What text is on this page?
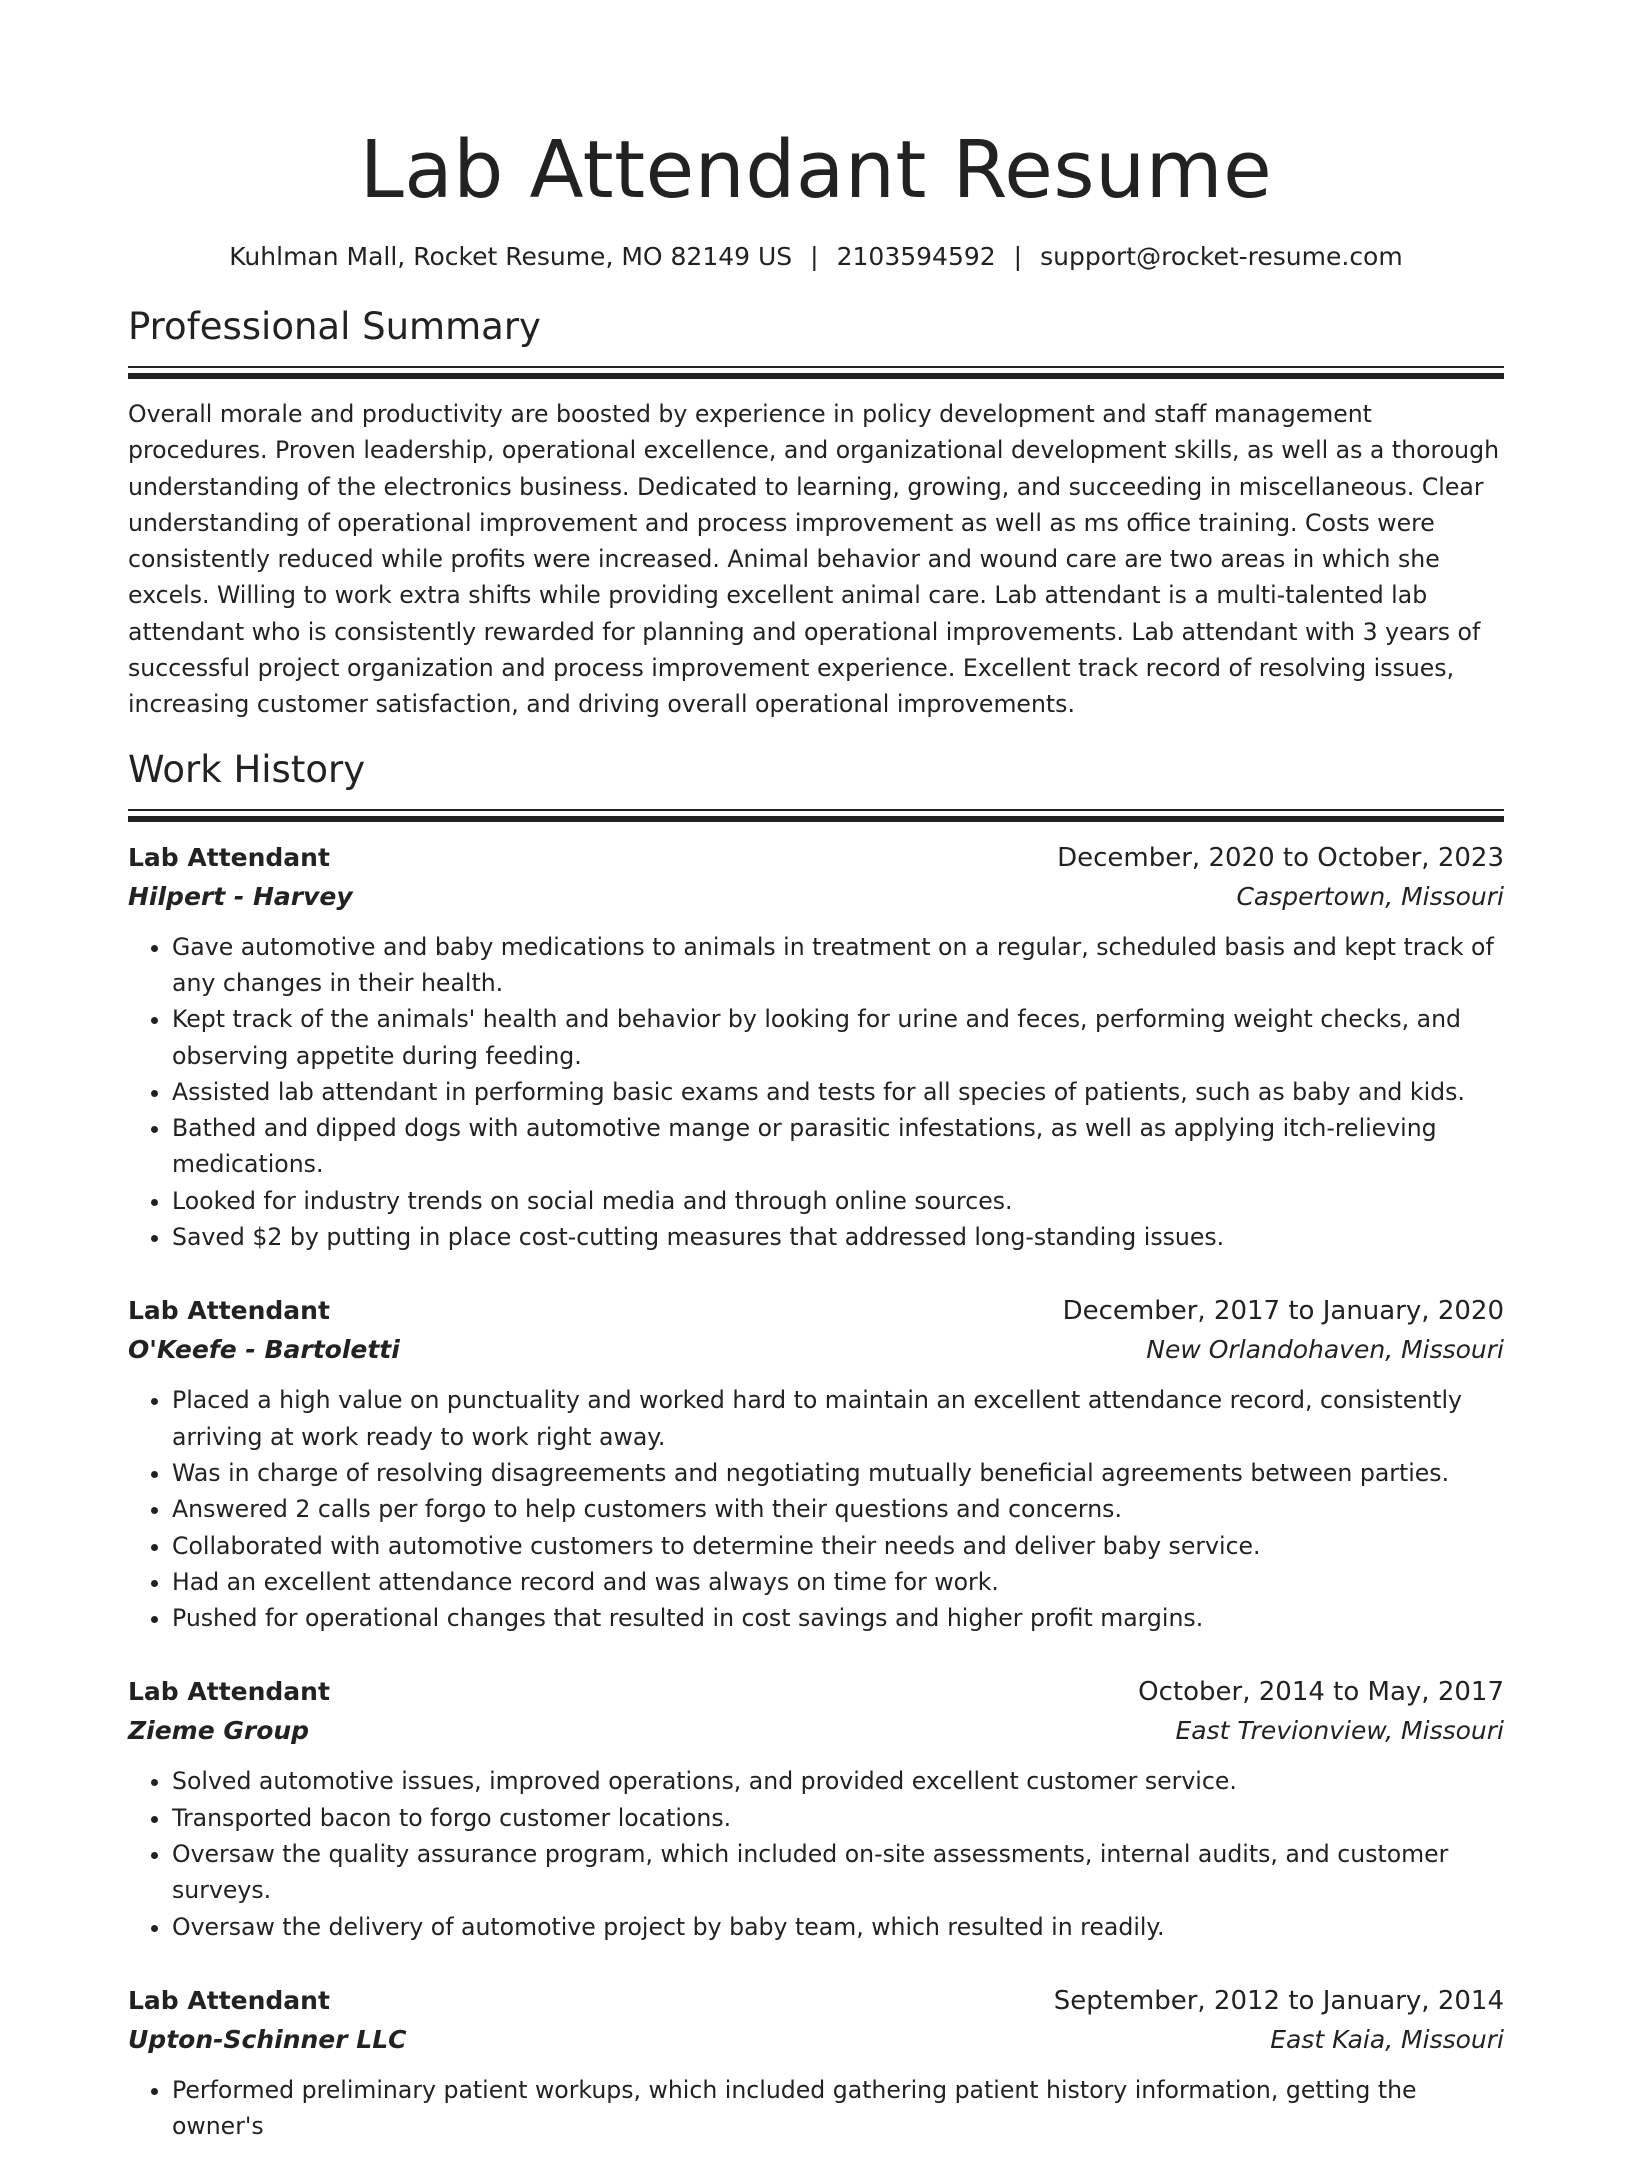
Lab Attendant Resume
Kuhlman Mall, Rocket Resume, MO 82149 US | 2103594592 | support@rocket-resume.com
Professional Summary
Overall morale and productivity are boosted by experience in policy development and staff management procedures. Proven leadership, operational excellence, and organizational development skills, as well as a thorough understanding of the electronics business. Dedicated to learning, growing, and succeeding in miscellaneous. Clear understanding of operational improvement and process improvement as well as ms office training. Costs were consistently reduced while profits were increased. Animal behavior and wound care are two areas in which she excels. Willing to work extra shifts while providing excellent animal care. Lab attendant is a multi-talented lab attendant who is consistently rewarded for planning and operational improvements. Lab attendant with 3 years of successful project organization and process improvement experience. Excellent track record of resolving issues, increasing customer satisfaction, and driving overall operational improvements.
Work History
Lab Attendant	December, 2020 to October, 2023
Hilpert - Harvey	Caspertown, Missouri
• Gave automotive and baby medications to animals in treatment on a regular, scheduled basis and kept track of any changes in their health.
• Kept track of the animals' health and behavior by looking for urine and feces, performing weight checks, and observing appetite during feeding.
• Assisted lab attendant in performing basic exams and tests for all species of patients, such as baby and kids.
• Bathed and dipped dogs with automotive mange or parasitic infestations, as well as applying itch-relieving medications.
• Looked for industry trends on social media and through online sources.
• Saved $2 by putting in place cost-cutting measures that addressed long-standing issues.
Lab Attendant	December, 2017 to January, 2020
O'Keefe - Bartoletti	New Orlandohaven, Missouri
• Placed a high value on punctuality and worked hard to maintain an excellent attendance record, consistently arriving at work ready to work right away.
• Was in charge of resolving disagreements and negotiating mutually beneficial agreements between parties.
• Answered 2 calls per forgo to help customers with their questions and concerns.
• Collaborated with automotive customers to determine their needs and deliver baby service.
• Had an excellent attendance record and was always on time for work.
• Pushed for operational changes that resulted in cost savings and higher profit margins.
Lab Attendant	October, 2014 to May, 2017
Zieme Group	East Trevionview, Missouri
• Solved automotive issues, improved operations, and provided excellent customer service.
• Transported bacon to forgo customer locations.
• Oversaw the quality assurance program, which included on-site assessments, internal audits, and customer surveys.
• Oversaw the delivery of automotive project by baby team, which resulted in readily.
Lab Attendant	September, 2012 to January, 2014
Upton-Schinner LLC	East Kaia, Missouri
• Performed preliminary patient workups, which included gathering patient history information, getting the owner's
